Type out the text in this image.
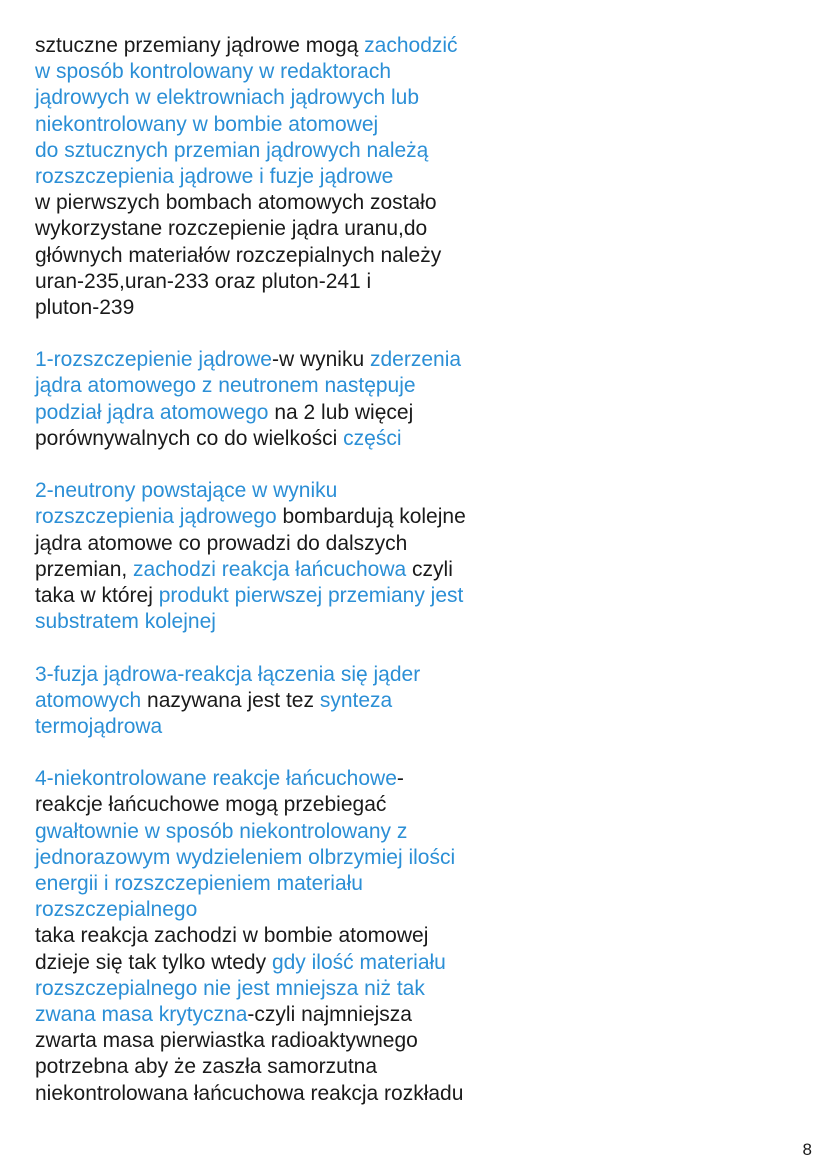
sztuczne przemiany jądrowe mogą zachodzić
w sposób kontrolowany w redaktorach
jądrowych w elektrowniach jądrowych lub
niekontrolowany w bombie atomowej
do sztucznych przemian jądrowych należą
rozszczepienia jądrowe i fuzje jądrowe
w pierwszych bombach atomowych zostało
wykorzystane rozczepienie jądra uranu,do
głównych materiałów rozczepialnych należy
uran-235,uran-233 oraz pluton-241 i
pluton-239
1-rozszczepienie jądrowe-w wyniku zderzenia
jądra atomowego z neutronem następuje
podział jądra atomowego na 2 lub więcej
porównywalnych co do wielkości części
2-neutrony powstające w wyniku
rozszczepienia jądrowego bombardują kolejne
jądra atomowe co prowadzi do dalszych
przemian, zachodzi reakcja łańcuchowa czyli
taka w której produkt pierwszej przemiany jest
substratem kolejnej
3-fuzja jądrowa-reakcja łączenia się jąder
atomowych nazywana jest tez synteza
termojądrowa
4-niekontrolowane reakcje łańcuchowe-
reakcje łańcuchowe mogą przebiegać
gwałtownie w sposób niekontrolowany z
jednorazowym wydzieleniem olbrzymiej ilości
energii i rozszczepieniem materiału
rozszczepialnego
taka reakcja zachodzi w bombie atomowej
dzieje się tak tylko wtedy gdy ilość materiału
rozszczepialnego nie jest mniejsza niż tak
zwana masa krytyczna-czyli najmniejsza
zwarta masa pierwiastka radioaktywnego
potrzebna aby że zaszła samorzutna
niekontrolowana łańcuchowa reakcja rozkładu
8
